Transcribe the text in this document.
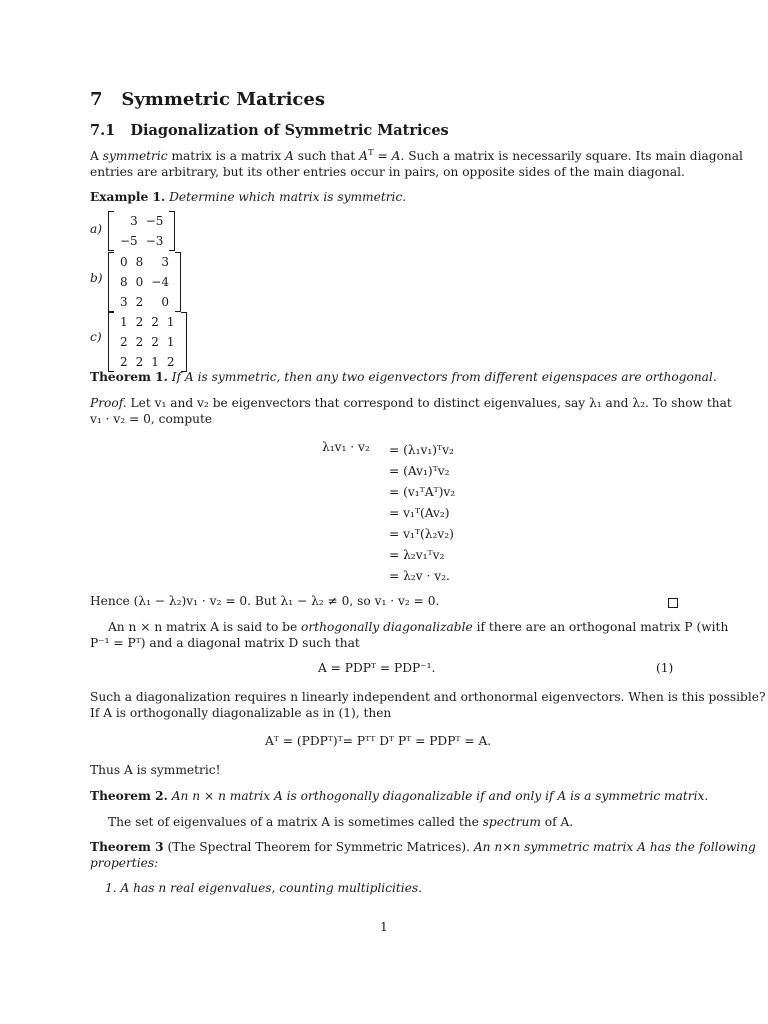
7 Symmetric Matrices
7.1 Diagonalization of Symmetric Matrices
A symmetric matrix is a matrix A such that $A^T = A$. Such a matrix is necessarily square. Its main diagonal
entries are arbitrary, but its other entries occur in pairs, on opposite sides of the main diagonal.
Example 1. Determine which matrix is symmetric.
a)
3	−5
−5	−3
b)
0	8	3
8	0	−4
3	2	0
c)
1	2	2	1
2	2	2	1
2	2	1	2
Theorem 1. If A is symmetric, then any two eigenvectors from different eigenspaces are orthogonal.
Proof. Let v₁ and v₂ be eigenvectors that correspond to distinct eigenvalues, say λ₁ and λ₂. To show that
v₁ · v₂ = 0, compute
λ₁v₁ · v₂ = (λ₁v₁)ᵀv₂
= (Av₁)ᵀv₂
= (v₁ᵀAᵀ)v₂
= v₁ᵀ(Av₂)
= v₁ᵀ(λ₂v₂)
= λ₂v₁ᵀv₂
= λ₂v · v₂.
Hence (λ₁ − λ₂)v₁ · v₂ = 0. But λ₁ − λ₂ ≠ 0, so v₁ · v₂ = 0.
An n × n matrix A is said to be orthogonally diagonalizable if there are an orthogonal matrix P (with
P⁻¹ = Pᵀ) and a diagonal matrix D such that
A = PDPᵀ = PDP⁻¹.	(1)
Such a diagonalization requires n linearly independent and orthonormal eigenvectors. When is this possible?
If A is orthogonally diagonalizable as in (1), then
Aᵀ = (PDPᵀ)ᵀ= Pᵀᵀ Dᵀ Pᵀ = PDPᵀ = A.
Thus A is symmetric!
Theorem 2. An n × n matrix A is orthogonally diagonalizable if and only if A is a symmetric matrix.
The set of eigenvalues of a matrix A is sometimes called the spectrum of A.
Theorem 3 (The Spectral Theorem for Symmetric Matrices). An n×n symmetric matrix A has the following
properties:
1. A has n real eigenvalues, counting multiplicities.
1
